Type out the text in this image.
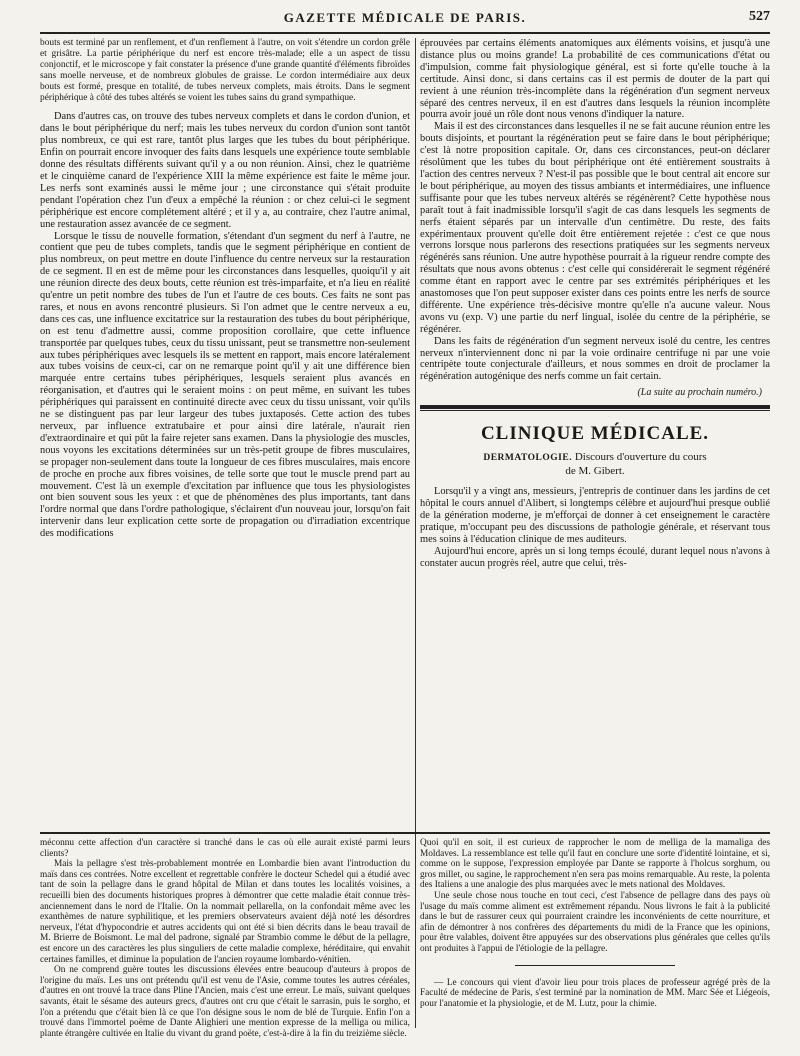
GAZETTE MÉDICALE DE PARIS.	527

bouts est terminé par un renflement, et d'un renflement à l'autre, on voit s'étendre un cordon grêle et grisâtre. La partie périphérique du nerf est encore très-malade; elle a un aspect de tissu conjonctif, et le microscope y fait constater la présence d'une grande quantité d'éléments fibroïdes sans moelle nerveuse, et de nombreux globules de graisse. Le cordon intermédiaire aux deux bouts est formé, presque en totalité, de tubes nerveux complets, mais étroits. Dans le segment périphérique à côté des tubes altérés se voient les tubes sains du grand sympathique.

Dans d'autres cas, on trouve des tubes nerveux complets et dans le cordon d'union, et dans le bout périphérique du nerf; mais les tubes nerveux du cordon d'union sont tantôt plus nombreux, ce qui est rare, tantôt plus larges que les tubes du bout périphérique. Enfin on pourrait encore invoquer des faits dans lesquels une expérience toute semblable donne des résultats différents suivant qu'il y a ou non réunion. Ainsi, chez le quatrième et le cinquième canard de l'expérience XIII la même expérience est faite le même jour. Les nerfs sont examinés aussi le même jour ; une circonstance qui s'était produite pendant l'opération chez l'un d'eux a empêché la réunion : or chez celui-ci le segment périphérique est encore complétement altéré ; et il y a, au contraire, chez l'autre animal, une restauration assez avancée de ce segment.

Lorsque le tissu de nouvelle formation, s'étendant d'un segment du nerf à l'autre, ne contient que peu de tubes complets, tandis que le segment périphérique en contient de plus nombreux, on peut mettre en doute l'influence du centre nerveux sur la restauration de ce segment. Il en est de même pour les circonstances dans lesquelles, quoiqu'il y ait une réunion directe des deux bouts, cette réunion est très-imparfaite, et n'a lieu en réalité qu'entre un petit nombre des tubes de l'un et l'autre de ces bouts. Ces faits ne sont pas rares, et nous en avons rencontré plusieurs. Si l'on admet que le centre nerveux a eu, dans ces cas, une influence excitatrice sur la restauration des tubes du bout périphérique, on est tenu d'admettre aussi, comme proposition corollaire, que cette influence transportée par quelques tubes, ceux du tissu unissant, peut se transmettre non-seulement aux tubes périphériques avec lesquels ils se mettent en rapport, mais encore latéralement aux tubes voisins de ceux-ci, car on ne remarque point qu'il y ait une différence bien marquée entre certains tubes périphériques, lesquels seraient plus avancés en réorganisation, et d'autres qui le seraient moins : on peut même, en suivant les tubes périphériques qui paraissent en continuité directe avec ceux du tissu unissant, voir qu'ils ne se distinguent pas par leur largeur des tubes juxtaposés. Cette action des tubes nerveux, par influence extratubaire et pour ainsi dire latérale, n'aurait rien d'extraordinaire et qui pût la faire rejeter sans examen. Dans la physiologie des muscles, nous voyons les excitations déterminées sur un très-petit groupe de fibres musculaires, se propager non-seulement dans toute la longueur de ces fibres musculaires, mais encore de proche en proche aux fibres voisines, de telle sorte que tout le muscle prend part au mouvement. C'est là un exemple d'excitation par influence que tous les physiologistes ont bien souvent sous les yeux : et que de phénomènes des plus importants, tant dans l'ordre normal que dans l'ordre pathologique, s'éclairent d'un nouveau jour, lorsqu'on fait intervenir dans leur explication cette sorte de propagation ou d'irradiation excentrique des modifications

éprouvées par certains éléments anatomiques aux éléments voisins, et jusqu'à une distance plus ou moins grande! La probabilité de ces communications d'état ou d'impulsion, comme fait physiologique général, est si forte qu'elle touche à la certitude. Ainsi donc, si dans certains cas il est permis de douter de la part qui revient à une réunion très-incomplète dans la régénération d'un segment nerveux séparé des centres nerveux, il en est d'autres dans lesquels la réunion incomplète pourra avoir joué un rôle dont nous venons d'indiquer la nature.

Mais il est des circonstances dans lesquelles il ne se fait aucune réunion entre les bouts disjoints, et pourtant la régénération peut se faire dans le bout périphérique; c'est là notre proposition capitale. Or, dans ces circonstances, peut-on déclarer résolûment que les tubes du bout périphérique ont été entièrement soustraits à l'action des centres nerveux ? N'est-il pas possible que le bout central ait encore sur le bout périphérique, au moyen des tissus ambiants et intermédiaires, une influence suffisante pour que les tubes nerveux altérés se régénèrent? Cette hypothèse nous paraît tout à fait inadmissible lorsqu'il s'agit de cas dans lesquels les segments de nerfs étaient séparés par un intervalle d'un centimètre. Du reste, des faits expérimentaux prouvent qu'elle doit être entièrement rejetée : c'est ce que nous verrons lorsque nous parlerons des resections pratiquées sur les segments nerveux régénérés sans réunion. Une autre hypothèse pourrait à la rigueur rendre compte des résultats que nous avons obtenus : c'est celle qui considérerait le segment régénéré comme étant en rapport avec le centre par ses extrémités périphériques et les anastomoses que l'on peut supposer exister dans ces points entre les nerfs de source différente. Une expérience très-décisive montre qu'elle n'a aucune valeur. Nous avons vu (exp. V) une partie du nerf lingual, isolée du centre de la périphérie, se régénérer.

Dans les faits de régénération d'un segment nerveux isolé du centre, les centres nerveux n'interviennent donc ni par la voie ordinaire centrifuge ni par une voie centripète toute conjecturale d'ailleurs, et nous sommes en droit de proclamer la régénération autogénique des nerfs comme un fait certain.

(La suite au prochain numéro.)
CLINIQUE MÉDICALE.
DERMATOLOGIE. Discours d'ouverture du cours
de M. Gibert.

Lorsqu'il y a vingt ans, messieurs, j'entrepris de continuer dans les jardins de cet hôpital le cours annuel d'Alibert, si longtemps célèbre et aujourd'hui presque oublié de la génération moderne, je m'efforçai de donner à cet enseignement le caractère pratique, m'occupant peu des discussions de pathologie générale, et réservant tous mes soins à l'éducation clinique de mes auditeurs.

Aujourd'hui encore, après un si long temps écoulé, durant lequel nous n'avons à constater aucun progrès réel, autre que celui, très-

méconnu cette affection d'un caractère si tranché dans le cas où elle aurait existé parmi leurs clients?

Mais la pellagre s'est très-probablement montrée en Lombardie bien avant l'introduction du maïs dans ces contrées. Notre excellent et regrettable confrère le docteur Schedel qui a étudié avec tant de soin la pellagre dans le grand hôpital de Milan et dans toutes les localités voisines, a recueilli bien des documents historiques propres à démontrer que cette maladie était connue très-anciennement dans le nord de l'Italie. On la nommait pellarella, on la confondait même avec les exanthèmes de nature syphilitique, et les premiers observateurs avaient déjà noté les désordres nerveux, l'état d'hypocondrie et autres accidents qui ont été si bien décrits dans le beau travail de M. Brierre de Boismont. Le mal del padrone, signalé par Strambio comme le début de la pellagre, est encore un des caractères les plus singuliers de cette maladie complexe, héréditaire, qui envahit certaines familles, et diminue la population de l'ancien royaume lombardo-vénitien.

On ne comprend guère toutes les discussions élevées entre beaucoup d'auteurs à propos de l'origine du maïs. Les uns ont prétendu qu'il est venu de l'Asie, comme toutes les autres céréales, d'autres en ont trouvé la trace dans Pline l'Ancien, mais c'est une erreur. Le maïs, suivant quelques savants, était le sésame des auteurs grecs, d'autres ont cru que c'était le sarrasin, puis le sorgho, et l'on a prétendu que c'était bien là ce que l'on désigne sous le nom de blé de Turquie. Enfin l'on a trouvé dans l'immortel poëme de Dante Alighieri une mention expresse de la melliga ou milica, plante étrangère cultivée en Italie du vivant du grand poëte, c'est-à-dire à la fin du treizième siècle.

Quoi qu'il en soit, il est curieux de rapprocher le nom de melliga de la mamaliga des Moldaves. La ressemblance est telle qu'il faut en conclure une sorte d'identité lointaine, et si, comme on le suppose, l'expression employée par Dante se rapporte à l'holcus sorghum, ou gros millet, ou sagine, le rapprochement n'en sera pas moins remarquable. Au reste, la polenta des Italiens a une analogie des plus marquées avec le mets national des Moldaves.

Une seule chose nous touche en tout ceci, c'est l'absence de pellagre dans des pays où l'usage du maïs comme aliment est extrêmement répandu. Nous livrons le fait à la publicité dans le but de rassurer ceux qui pourraient craindre les inconvénients de cette nourriture, et afin de démontrer à nos confrères des départements du midi de la France que les opinions, pour être valables, doivent être appuyées sur des observations plus générales que celles qu'ils ont produites à l'appui de l'étiologie de la pellagre.

— Le concours qui vient d'avoir lieu pour trois places de professeur agrégé près de la Faculté de médecine de Paris, s'est terminé par la nomination de MM. Marc Sée et Liégeois, pour l'anatomie et la physiologie, et de M. Lutz, pour la chimie.
